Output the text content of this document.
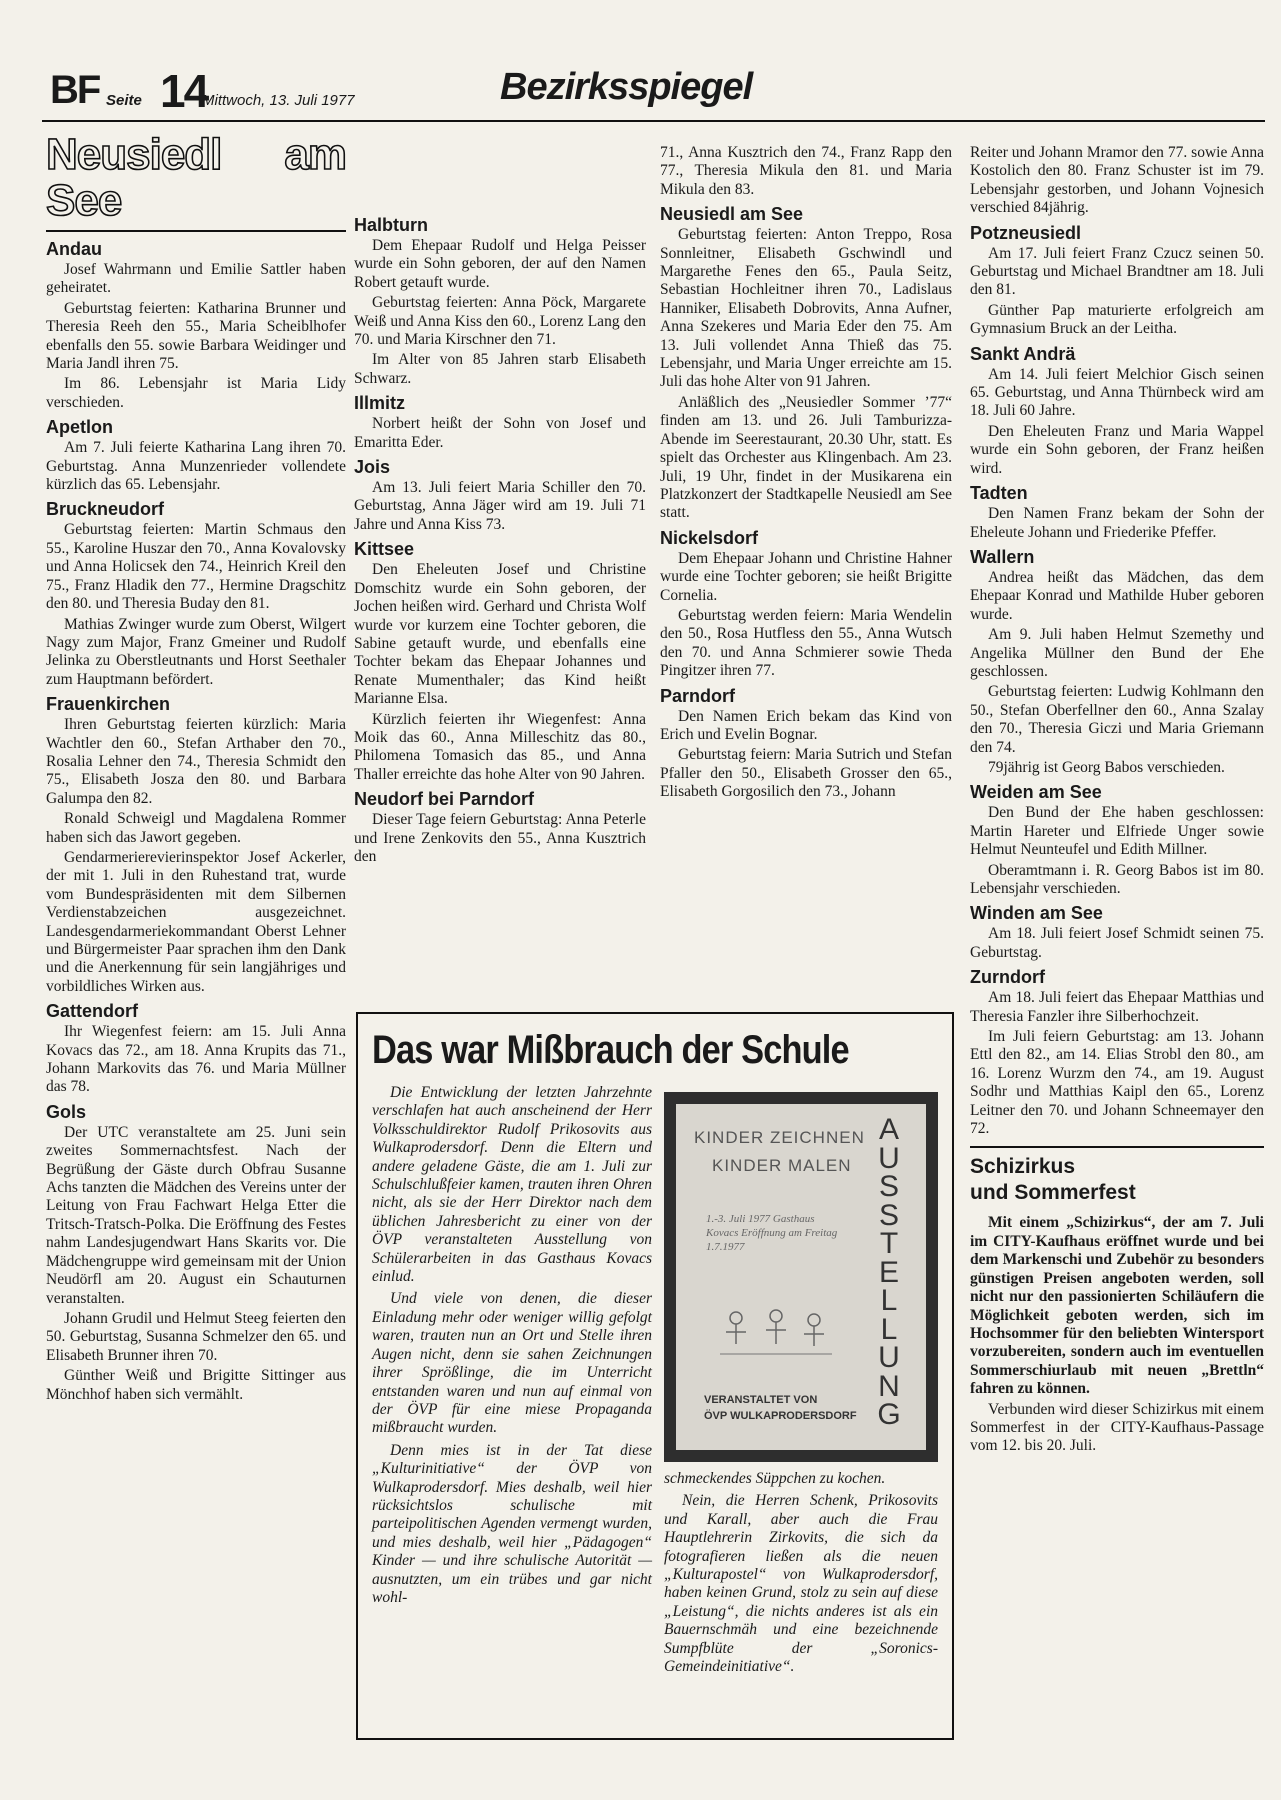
BF Seite 14
Mittwoch, 13. Juli 1977	Bezirksspiegel
Neusiedl am See
Andau

Josef Wahrmann und Emilie Sattler haben geheiratet.

Geburtstag feierten: Katharina Brunner und Theresia Reeh den 55., Maria Scheiblhofer ebenfalls den 55. sowie Barbara Weidinger und Maria Jandl ihren 75.

Im 86. Lebensjahr ist Maria Lidy verschieden.

Apetlon

Am 7. Juli feierte Katharina Lang ihren 70. Geburtstag. Anna Munzenrieder vollendete kürzlich das 65. Lebensjahr.

Bruckneudorf

Geburtstag feierten: Martin Schmaus den 55., Karoline Huszar den 70., Anna Kovalovsky und Anna Holicsek den 74., Heinrich Kreil den 75., Franz Hladik den 77., Hermine Dragschitz den 80. und Theresia Buday den 81.

Mathias Zwinger wurde zum Oberst, Wilgert Nagy zum Major, Franz Gmeiner und Rudolf Jelinka zu Oberstleutnants und Horst Seethaler zum Hauptmann befördert.

Frauenkirchen

Ihren Geburtstag feierten kürzlich: Maria Wachtler den 60., Stefan Arthaber den 70., Rosalia Lehner den 74., Theresia Schmidt den 75., Elisabeth Josza den 80. und Barbara Galumpa den 82.

Ronald Schweigl und Magdalena Rommer haben sich das Jawort gegeben.

Gendarmerierevierinspektor Josef Ackerler, der mit 1. Juli in den Ruhestand trat, wurde vom Bundespräsidenten mit dem Silbernen Verdienstabzeichen ausgezeichnet. Landesgendarmeriekommandant Oberst Lehner und Bürgermeister Paar sprachen ihm den Dank und die Anerkennung für sein langjähriges und vorbildliches Wirken aus.

Gattendorf

Ihr Wiegenfest feiern: am 15. Juli Anna Kovacs das 72., am 18. Anna Krupits das 71., Johann Markovits das 76. und Maria Müllner das 78.

Gols

Der UTC veranstaltete am 25. Juni sein zweites Sommernachtsfest. Nach der Begrüßung der Gäste durch Obfrau Susanne Achs tanzten die Mädchen des Vereins unter der Leitung von Frau Fachwart Helga Etter die Tritsch-Tratsch-Polka. Die Eröffnung des Festes nahm Landesjugendwart Hans Skarits vor. Die Mädchengruppe wird gemeinsam mit der Union Neudörfl am 20. August ein Schauturnen veranstalten.

Johann Grudil und Helmut Steeg feierten den 50. Geburtstag, Susanna Schmelzer den 65. und Elisabeth Brunner ihren 70.

Günther Weiß und Brigitte Sittinger aus Mönchhof haben sich vermählt.

Halbturn

Dem Ehepaar Rudolf und Helga Peisser wurde ein Sohn geboren, der auf den Namen Robert getauft wurde.

Geburtstag feierten: Anna Pöck, Margarete Weiß und Anna Kiss den 60., Lorenz Lang den 70. und Maria Kirschner den 71.

Im Alter von 85 Jahren starb Elisabeth Schwarz.

Illmitz

Norbert heißt der Sohn von Josef und Emaritta Eder.

Jois

Am 13. Juli feiert Maria Schiller den 70. Geburtstag, Anna Jäger wird am 19. Juli 71 Jahre und Anna Kiss 73.

Kittsee

Den Eheleuten Josef und Christine Domschitz wurde ein Sohn geboren, der Jochen heißen wird. Gerhard und Christa Wolf wurde vor kurzem eine Tochter geboren, die Sabine getauft wurde, und ebenfalls eine Tochter bekam das Ehepaar Johannes und Renate Mumenthaler; das Kind heißt Marianne Elsa.

Kürzlich feierten ihr Wiegenfest: Anna Moik das 60., Anna Milleschitz das 80., Philomena Tomasich das 85., und Anna Thaller erreichte das hohe Alter von 90 Jahren.

Neudorf bei Parndorf

Dieser Tage feiern Geburtstag: Anna Peterle und Irene Zenkovits den 55., Anna Kusztrich den

71., Anna Kusztrich den 74., Franz Rapp den 77., Theresia Mikula den 81. und Maria Mikula den 83.

Neusiedl am See

Geburtstag feierten: Anton Treppo, Rosa Sonnleitner, Elisabeth Gschwindl und Margarethe Fenes den 65., Paula Seitz, Sebastian Hochleitner ihren 70., Ladislaus Hanniker, Elisabeth Dobrovits, Anna Aufner, Anna Szekeres und Maria Eder den 75. Am 13. Juli vollendet Anna Thieß das 75. Lebensjahr, und Maria Unger erreichte am 15. Juli das hohe Alter von 91 Jahren.

Anläßlich des „Neusiedler Sommer ’77“ finden am 13. und 26. Juli Tamburizza-Abende im Seerestaurant, 20.30 Uhr, statt. Es spielt das Orchester aus Klingenbach. Am 23. Juli, 19 Uhr, findet in der Musikarena ein Platzkonzert der Stadtkapelle Neusiedl am See statt.

Nickelsdorf

Dem Ehepaar Johann und Christine Hahner wurde eine Tochter geboren; sie heißt Brigitte Cornelia.

Geburtstag werden feiern: Maria Wendelin den 50., Rosa Hutfless den 55., Anna Wutsch den 70. und Anna Schmierer sowie Theda Pingitzer ihren 77.

Parndorf

Den Namen Erich bekam das Kind von Erich und Evelin Bognar.

Geburtstag feiern: Maria Sutrich und Stefan Pfaller den 50., Elisabeth Grosser den 65., Elisabeth Gorgosilich den 73., Johann

Reiter und Johann Mramor den 77. sowie Anna Kostolich den 80. Franz Schuster ist im 79. Lebensjahr gestorben, und Johann Vojnesich verschied 84jährig.

Potzneusiedl

Am 17. Juli feiert Franz Czucz seinen 50. Geburtstag und Michael Brandtner am 18. Juli den 81.

Günther Pap maturierte erfolgreich am Gymnasium Bruck an der Leitha.

Sankt Andrä

Am 14. Juli feiert Melchior Gisch seinen 65. Geburtstag, und Anna Thürnbeck wird am 18. Juli 60 Jahre.

Den Eheleuten Franz und Maria Wappel wurde ein Sohn geboren, der Franz heißen wird.

Tadten

Den Namen Franz bekam der Sohn der Eheleute Johann und Friederike Pfeffer.

Wallern

Andrea heißt das Mädchen, das dem Ehepaar Konrad und Mathilde Huber geboren wurde.

Am 9. Juli haben Helmut Szemethy und Angelika Müllner den Bund der Ehe geschlossen.

Geburtstag feierten: Ludwig Kohlmann den 50., Stefan Oberfellner den 60., Anna Szalay den 70., Theresia Giczi und Maria Griemann den 74.

79jährig ist Georg Babos verschieden.

Weiden am See

Den Bund der Ehe haben geschlossen: Martin Hareter und Elfriede Unger sowie Helmut Neunteufel und Edith Millner.

Oberamtmann i. R. Georg Babos ist im 80. Lebensjahr verschieden.

Winden am See

Am 18. Juli feiert Josef Schmidt seinen 75. Geburtstag.

Zurndorf

Am 18. Juli feiert das Ehepaar Matthias und Theresia Fanzler ihre Silberhochzeit.

Im Juli feiern Geburtstag: am 13. Johann Ettl den 82., am 14. Elias Strobl den 80., am 16. Lorenz Wurzm den 74., am 19. August Sodhr und Matthias Kaipl den 65., Lorenz Leitner den 70. und Johann Schneemayer den 72.

Schizirkus
und Sommerfest

Mit einem „Schizirkus“, der am 7. Juli im CITY-Kaufhaus eröffnet wurde und bei dem Markenschi und Zubehör zu besonders günstigen Preisen angeboten werden, soll nicht nur den passionierten Schiläufern die Möglichkeit geboten werden, sich im Hochsommer für den beliebten Wintersport vorzubereiten, sondern auch im eventuellen Sommerschiurlaub mit neuen „Brettln“ fahren zu können.

Verbunden wird dieser Schizirkus mit einem Sommerfest in der CITY-Kaufhaus-Passage vom 12. bis 20. Juli.

Das war Mißbrauch der Schule

Die Entwicklung der letzten Jahrzehnte verschlafen hat auch anscheinend der Herr Volksschuldirektor Rudolf Prikosovits aus Wulkaprodersdorf. Denn die Eltern und andere geladene Gäste, die am 1. Juli zur Schulschlußfeier kamen, trauten ihren Ohren nicht, als sie der Herr Direktor nach dem üblichen Jahresbericht zu einer von der ÖVP veranstalteten Ausstellung von Schülerarbeiten in das Gasthaus Kovacs einlud.

Und viele von denen, die dieser Einladung mehr oder weniger willig gefolgt waren, trauten nun an Ort und Stelle ihren Augen nicht, denn sie sahen Zeichnungen ihrer Sprößlinge, die im Unterricht entstanden waren und nun auf einmal von der ÖVP für eine miese Propaganda mißbraucht wurden.

Denn mies ist in der Tat diese „Kulturinitiative“ der ÖVP von Wulkaprodersdorf. Mies deshalb, weil hier rücksichtslos schulische mit parteipolitischen Agenden vermengt wurden, und mies deshalb, weil hier „Pädagogen“ Kinder — und ihre schulische Autorität — ausnutzten, um ein trübes und gar nicht wohl-

KINDER ZEICHNEN
KINDER MALEN
1.-3. Juli 1977 Gasthaus Kovacs Eröffnung am Freitag 1.7.1977
AUSSTELLUNG
VERANSTALTET VON
ÖVP WULKAPRODERSDORF

schmeckendes Süppchen zu kochen.

Nein, die Herren Schenk, Prikosovits und Karall, aber auch die Frau Hauptlehrerin Zirkovits, die sich da fotografieren ließen als die neuen „Kulturapostel“ von Wulkaprodersdorf, haben keinen Grund, stolz zu sein auf diese „Leistung“, die nichts anderes ist als ein Bauernschmäh und eine bezeichnende Sumpfblüte der „Soronics-Gemeindeinitiative“.
